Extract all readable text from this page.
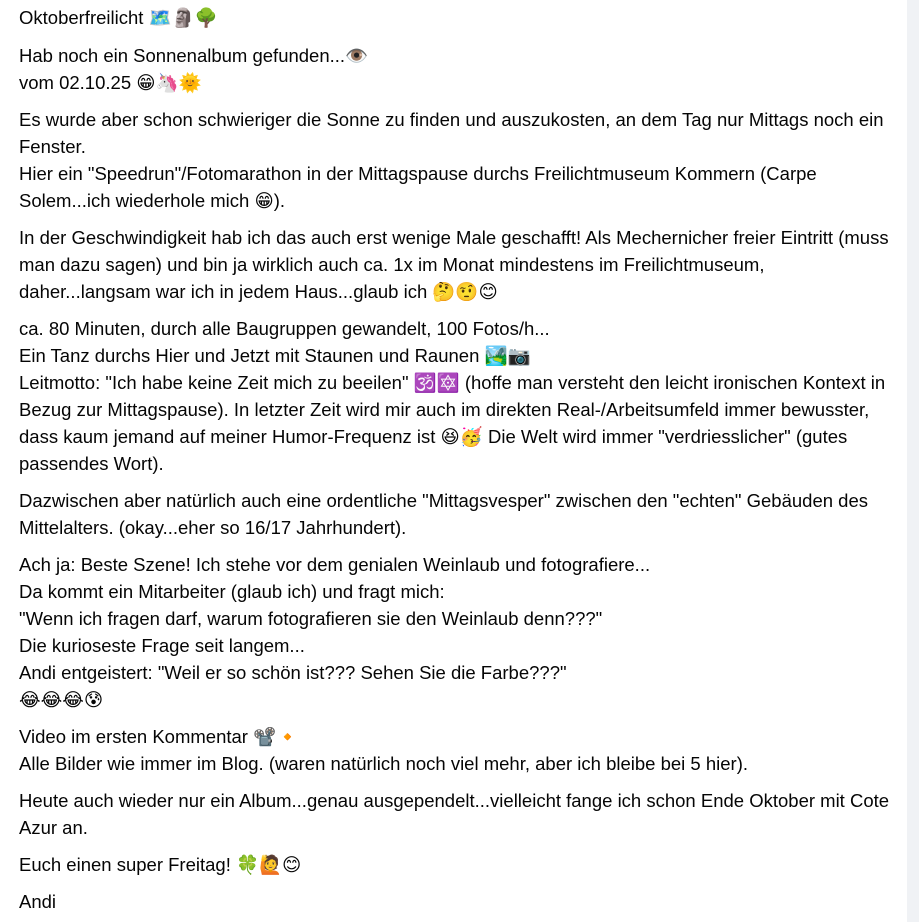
Oktoberfreilicht 🗺️🗿🌳

Hab noch ein Sonnenalbum gefunden...👁️
vom 02.10.25 😁🦄🌞

Es wurde aber schon schwieriger die Sonne zu finden und auszukosten, an dem Tag nur Mittags noch ein Fenster.
Hier ein "Speedrun"/Fotomarathon in der Mittagspause durchs Freilichtmuseum Kommern (Carpe Solem...ich wiederhole mich 😁).

In der Geschwindigkeit hab ich das auch erst wenige Male geschafft! Als Mechernicher freier Eintritt (muss man dazu sagen) und bin ja wirklich auch ca. 1x im Monat mindestens im Freilichtmuseum, daher...langsam war ich in jedem Haus...glaub ich 🤔🤨😊

ca. 80 Minuten, durch alle Baugruppen gewandelt, 100 Fotos/h...
Ein Tanz durchs Hier und Jetzt mit Staunen und Raunen 🏞️📷
Leitmotto: "Ich habe keine Zeit mich zu beeilen" 🕉️🔯 (hoffe man versteht den leicht ironischen Kontext in Bezug zur Mittagspause). In letzter Zeit wird mir auch im direkten Real-/Arbeitsumfeld immer bewusster, dass kaum jemand auf meiner Humor-Frequenz ist 😆🥳 Die Welt wird immer "verdriesslicher" (gutes passendes Wort).

Dazwischen aber natürlich auch eine ordentliche "Mittagsvesper" zwischen den "echten" Gebäuden des Mittelalters. (okay...eher so 16/17 Jahrhundert).

Ach ja: Beste Szene! Ich stehe vor dem genialen Weinlaub und fotografiere...
Da kommt ein Mitarbeiter (glaub ich) und fragt mich:
"Wenn ich fragen darf, warum fotografieren sie den Weinlaub denn???"
Die kurioseste Frage seit langem...
Andi entgeistert: "Weil er so schön ist??? Sehen Sie die Farbe???"
😂😂😂😰

Video im ersten Kommentar 📽️🔸
Alle Bilder wie immer im Blog. (waren natürlich noch viel mehr, aber ich bleibe bei 5 hier).

Heute auch wieder nur ein Album...genau ausgependelt...vielleicht fange ich schon Ende Oktober mit Cote Azur an.

Euch einen super Freitag! 🍀🙋😊

Andi
